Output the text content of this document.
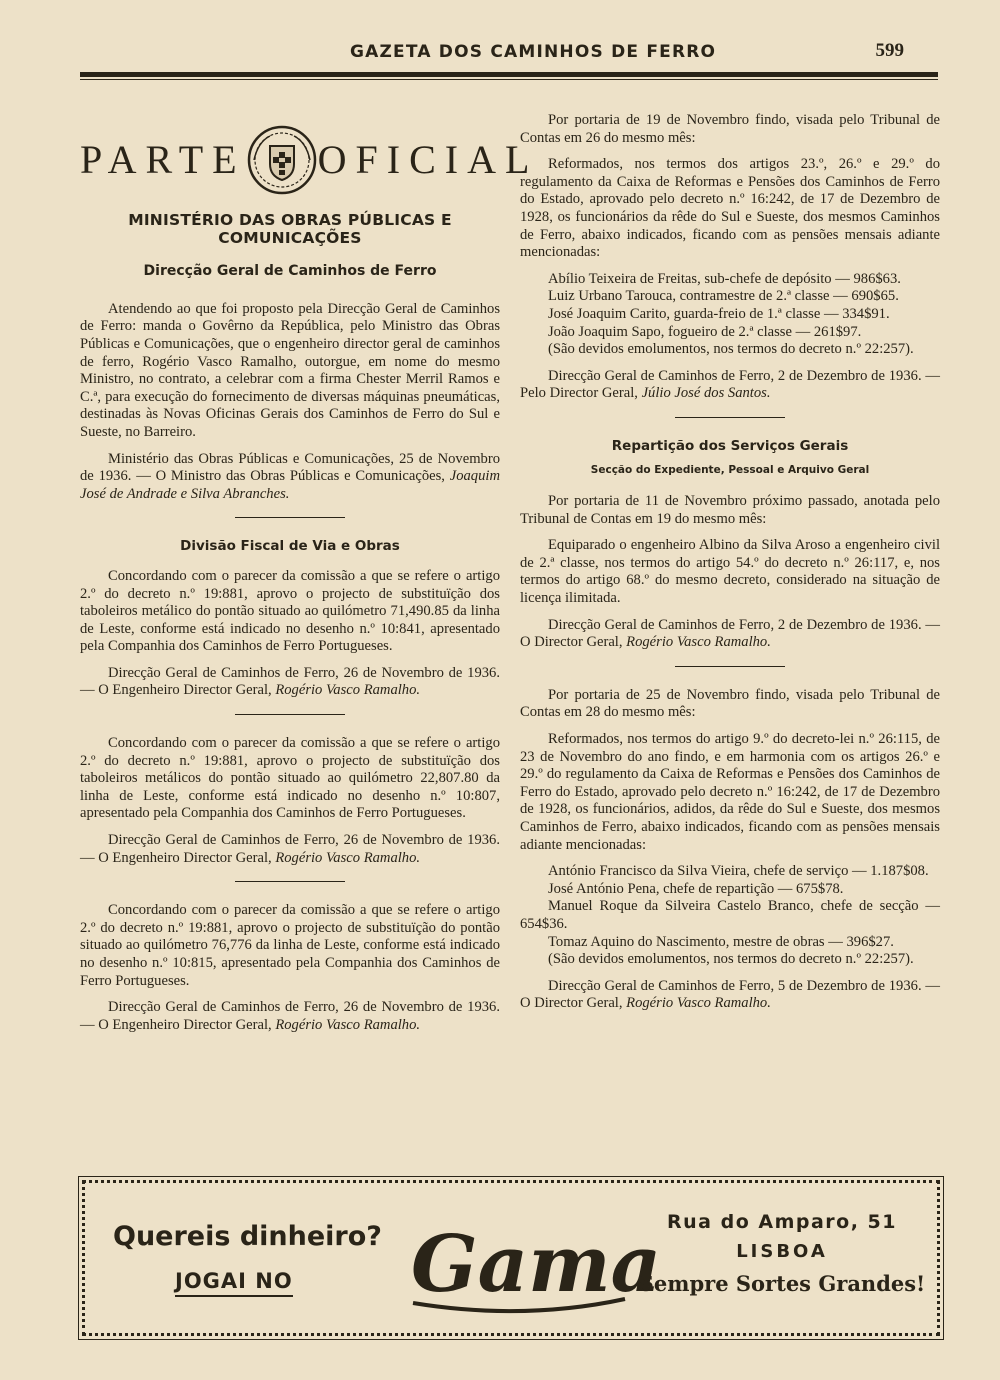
GAZETA DOS CAMINHOS DE FERRO	599
PARTE OFICIAL
MINISTÉRIO DAS OBRAS PÚBLICAS E COMUNICAÇÕES
Direcção Geral de Caminhos de Ferro

Atendendo ao que foi proposto pela Direcção Geral de Caminhos de Ferro: manda o Govêrno da República, pelo Ministro das Obras Públicas e Comunicações, que o engenheiro director geral de caminhos de ferro, Rogério Vasco Ramalho, outorgue, em nome do mesmo Ministro, no contrato, a celebrar com a firma Chester Merril Ramos e C.ª, para execução do fornecimento de diversas máquinas pneumáticas, destinadas às Novas Oficinas Gerais dos Caminhos de Ferro do Sul e Sueste, no Barreiro.

Ministério das Obras Públicas e Comunicações, 25 de Novembro de 1936. — O Ministro das Obras Públicas e Comunicações, Joaquim José de Andrade e Silva Abranches.

Divisão Fiscal de Via e Obras

Concordando com o parecer da comissão a que se refere o artigo 2.º do decreto n.º 19:881, aprovo o projecto de substituïção dos taboleiros metálico do pontão situado ao quilómetro 71,490.85 da linha de Leste, conforme está indicado no desenho n.º 10:841, apresentado pela Companhia dos Caminhos de Ferro Portugueses.

Direcção Geral de Caminhos de Ferro, 26 de Novembro de 1936. — O Engenheiro Director Geral, Rogério Vasco Ramalho.

Concordando com o parecer da comissão a que se refere o artigo 2.º do decreto n.º 19:881, aprovo o projecto de substituïção dos taboleiros metálicos do pontão situado ao quilómetro 22,807.80 da linha de Leste, conforme está indicado no desenho n.º 10:807, apresentado pela Companhia dos Caminhos de Ferro Portugueses.

Direcção Geral de Caminhos de Ferro, 26 de Novembro de 1936. — O Engenheiro Director Geral, Rogério Vasco Ramalho.

Concordando com o parecer da comissão a que se refere o artigo 2.º do decreto n.º 19:881, aprovo o projecto de substituïção do pontão situado ao quilómetro 76,776 da linha de Leste, conforme está indicado no desenho n.º 10:815, apresentado pela Companhia dos Caminhos de Ferro Portugueses.

Direcção Geral de Caminhos de Ferro, 26 de Novembro de 1936. — O Engenheiro Director Geral, Rogério Vasco Ramalho.

Por portaria de 19 de Novembro findo, visada pelo Tribunal de Contas em 26 do mesmo mês:

Reformados, nos termos dos artigos 23.º, 26.º e 29.º do regulamento da Caixa de Reformas e Pensões dos Caminhos de Ferro do Estado, aprovado pelo decreto n.º 16:242, de 17 de Dezembro de 1928, os funcionários da rêde do Sul e Sueste, dos mesmos Caminhos de Ferro, abaixo indicados, ficando com as pensões mensais adiante mencionadas:

Abílio Teixeira de Freitas, sub-chefe de depósito — 986$63.

Luiz Urbano Tarouca, contramestre de 2.ª classe — 690$65.

José Joaquim Carito, guarda-freio de 1.ª classe — 334$91.

João Joaquim Sapo, fogueiro de 2.ª classe — 261$97.

(São devidos emolumentos, nos termos do decreto n.º 22:257).

Direcção Geral de Caminhos de Ferro, 2 de Dezembro de 1936. — Pelo Director Geral, Júlio José dos Santos.

Repartição dos Serviços Gerais
Secção do Expediente, Pessoal e Arquivo Geral

Por portaria de 11 de Novembro próximo passado, anotada pelo Tribunal de Contas em 19 do mesmo mês:

Equiparado o engenheiro Albino da Silva Aroso a engenheiro civil de 2.ª classe, nos termos do artigo 54.º do decreto n.º 26:117, e, nos termos do artigo 68.º do mesmo decreto, considerado na situação de licença ilimitada.

Direcção Geral de Caminhos de Ferro, 2 de Dezembro de 1936. — O Director Geral, Rogério Vasco Ramalho.

Por portaria de 25 de Novembro findo, visada pelo Tribunal de Contas em 28 do mesmo mês:

Reformados, nos termos do artigo 9.º do decreto-lei n.º 26:115, de 23 de Novembro do ano findo, e em harmonia com os artigos 26.º e 29.º do regulamento da Caixa de Reformas e Pensões dos Caminhos de Ferro do Estado, aprovado pelo decreto n.º 16:242, de 17 de Dezembro de 1928, os funcionários, adidos, da rêde do Sul e Sueste, dos mesmos Caminhos de Ferro, abaixo indicados, ficando com as pensões mensais adiante mencionadas:

António Francisco da Silva Vieira, chefe de serviço — 1.187$08.

José António Pena, chefe de repartição — 675$78.

Manuel Roque da Silveira Castelo Branco, chefe de secção — 654$36.

Tomaz Aquino do Nascimento, mestre de obras — 396$27.

(São devidos emolumentos, nos termos do decreto n.º 22:257).

Direcção Geral de Caminhos de Ferro, 5 de Dezembro de 1936. — O Director Geral, Rogério Vasco Ramalho.

Quereis dinheiro?
JOGAI NO Gama Rua do Amparo, 51
LISBOA
Sempre Sortes Grandes!
